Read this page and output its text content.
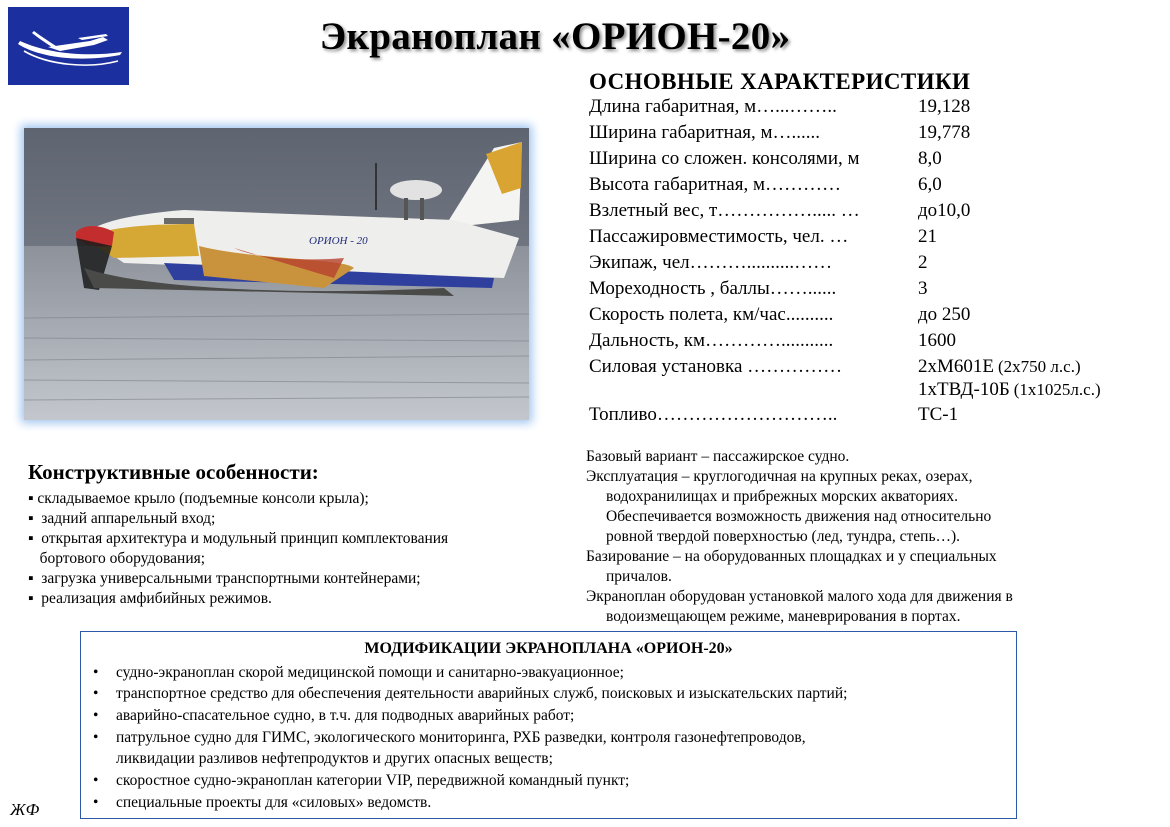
Экраноплан «ОРИОН-20»
ОРИОН - 20
ОСНОВНЫЕ ХАРАКТЕРИСТИКИ
Длина габаритная, м…...……..	19,128
Ширина габаритная, м…......	19,778
Ширина со сложен. консолями, м	8,0
Высота габаритная, м…………	6,0
Взлетный вес, т……………..... …	до10,0
Пассажировместимость, чел. …	21
Экипаж, чел………..........……	2
Мореходность , баллы……......	3
Скорость полета, км/час..........	до 250
Дальность, км…………...........	1600
Силовая установка ……………	2хМ601Е (2х750 л.с.)
1хТВД-10Б (1х1025л.с.)
Топливо………………………..	ТС-1
Конструктивные особенности:
▪ складываемое крыло (подъемные консоли крыла);
▪  задний аппарельный вход;
▪  открытая архитектура и модульный принцип комплектования
бортового оборудования;
▪  загрузка универсальными транспортными контейнерами;
▪  реализация амфибийных режимов.
Базовый вариант – пассажирское судно.
Эксплуатация – круглогодичная на крупных реках, озерах,
водохранилищах и прибрежных морских акваториях.
Обеспечивается возможность движения над относительно
ровной твердой поверхностью (лед, тундра, степь…).
Базирование – на оборудованных площадках и у специальных
причалов.
Экраноплан оборудован установкой малого хода для движения в
водоизмещающем режиме, маневрирования в портах.
МОДИФИКАЦИИ ЭКРАНОПЛАНА «ОРИОН-20»
• судно-экраноплан скорой медицинской помощи и санитарно-эвакуационное;
• транспортное средство для обеспечения деятельности аварийных служб, поисковых и изыскательских партий;
• аварийно-спасательное судно, в т.ч. для подводных аварийных работ;
• патрульное судно для ГИМС, экологического мониторинга, РХБ разведки, контроля газонефтепроводов,
ликвидации разливов нефтепродуктов и других опасных веществ;
• скоростное судно-экраноплан категории VIP, передвижной командный пункт;
• специальные проекты для «силовых» ведомств.
ЖФ
